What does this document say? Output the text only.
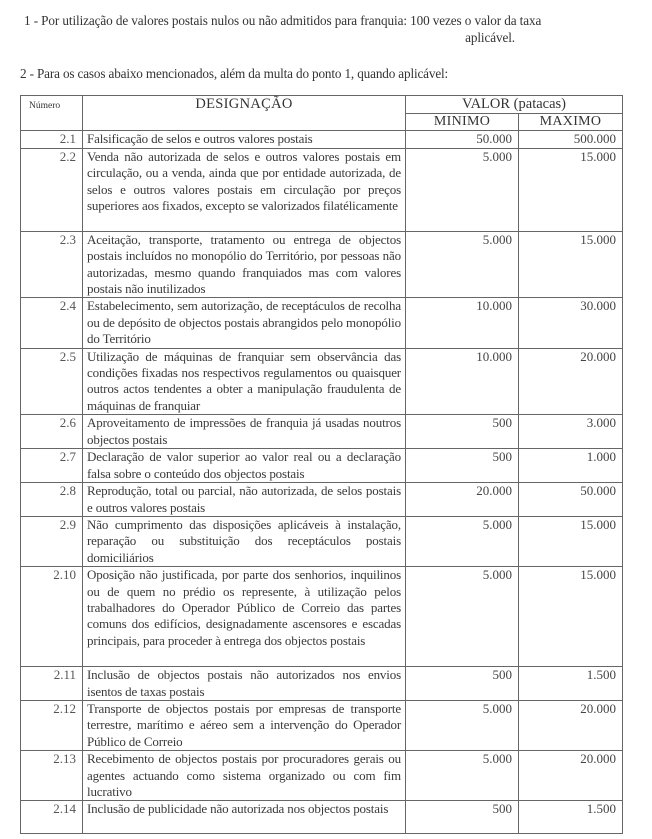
1 - Por utilização de valores postais nulos ou não admitidos para franquia: 100 vezes o valor da taxa
aplicável.
2 - Para os casos abaixo mencionados, além da multa do ponto 1, quando aplicável:
Número	DESIGNAÇÃO	VALOR (patacas)	
		MINIMO	MAXIMO
2.1	Falsificação de selos e outros valores postais	50.000	500.000
2.2	Venda não autorizada de selos e outros valores postais em circulação, ou a venda, ainda que por entidade autorizada, de selos e outros valores postais em circulação por preços superiores aos fixados, excepto se valorizados filatélicamente	5.000	15.000
2.3	Aceitação, transporte, tratamento ou entrega de objectos postais incluídos no monopólio do Território, por pessoas não autorizadas, mesmo quando franquiados mas com valores postais não inutilizados	5.000	15.000
2.4	Estabelecimento, sem autorização, de receptáculos de recolha ou de depósito de objectos postais abrangidos pelo monopólio do Território	10.000	30.000
2.5	Utilização de máquinas de franquiar sem observância das condições fixadas nos respectivos regulamentos ou quaisquer outros actos tendentes a obter a manipulação fraudulenta de máquinas de franquiar	10.000	20.000
2.6	Aproveitamento de impressões de franquia já usadas noutros objectos postais	500	3.000
2.7	Declaração de valor superior ao valor real ou a declaração falsa sobre o conteúdo dos objectos postais	500	1.000
2.8	Reprodução, total ou parcial, não autorizada, de selos postais e outros valores postais	20.000	50.000
2.9	Não cumprimento das disposições aplicáveis à instalação, reparação ou substituição dos receptáculos postais domiciliários	5.000	15.000
2.10	Oposição não justificada, por parte dos senhorios, inquilinos ou de quem no prédio os represente, à utilização pelos trabalhadores do Operador Público de Correio das partes comuns dos edifícios, designadamente ascensores e escadas principais, para proceder à entrega dos objectos postais	5.000	15.000
2.11	Inclusão de objectos postais não autorizados nos envios isentos de taxas postais	500	1.500
2.12	Transporte de objectos postais por empresas de transporte terrestre, marítimo e aéreo sem a intervenção do Operador Público de Correio	5.000	20.000
2.13	Recebimento de objectos postais por procuradores gerais ou agentes actuando como sistema organizado ou com fim lucrativo	5.000	20.000
2.14	Inclusão de publicidade não autorizada nos objectos postais	500	1.500
